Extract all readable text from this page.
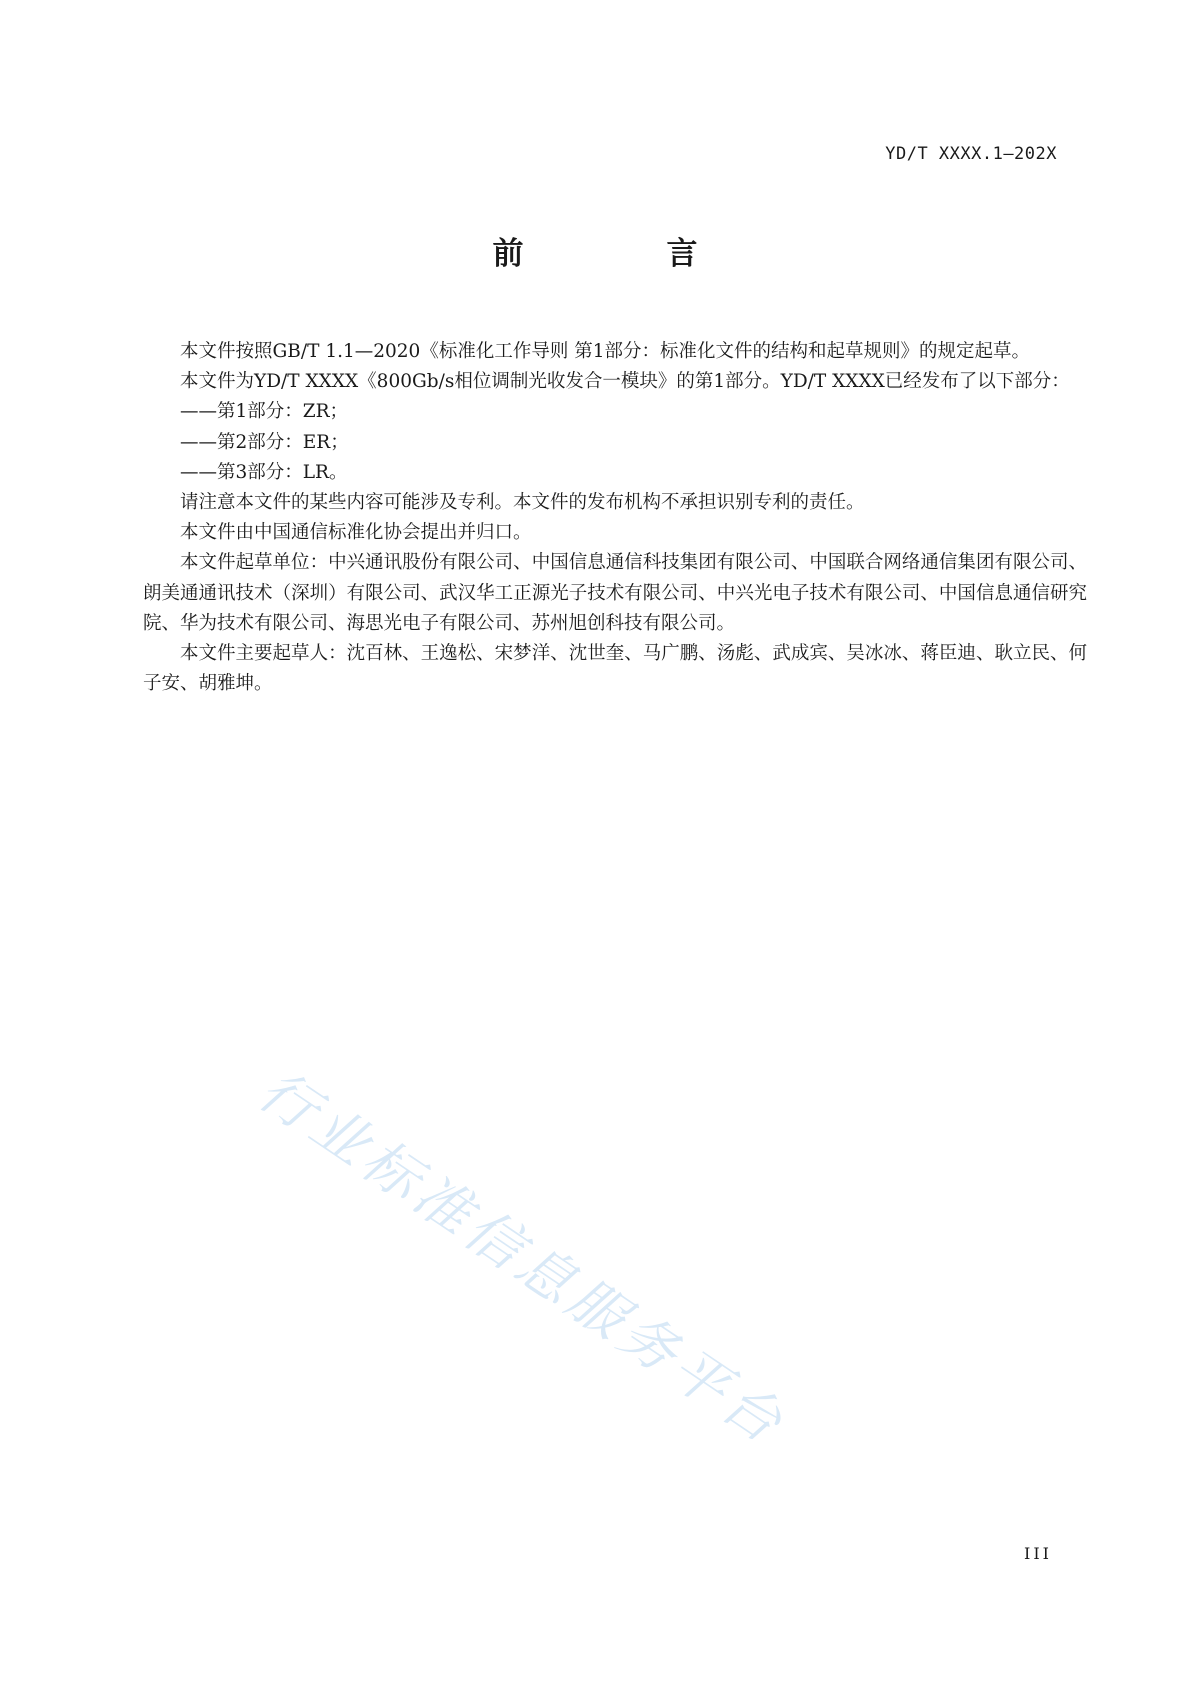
YD/T XXXX.1—202X
前　言

本文件按照GB/T 1.1—2020《标准化工作导则 第1部分：标准化文件的结构和起草规则》的规定起草。

本文件为YD/T XXXX《800Gb/s相位调制光收发合一模块》的第1部分。YD/T XXXX已经发布了以下部分：

——第1部分：ZR；

——第2部分：ER；

——第3部分：LR。

请注意本文件的某些内容可能涉及专利。本文件的发布机构不承担识别专利的责任。

本文件由中国通信标准化协会提出并归口。

本文件起草单位：中兴通讯股份有限公司、中国信息通信科技集团有限公司、中国联合网络通信集团有限公司、朗美通通讯技术（深圳）有限公司、武汉华工正源光子技术有限公司、中兴光电子技术有限公司、中国信息通信研究院、华为技术有限公司、海思光电子有限公司、苏州旭创科技有限公司。

本文件主要起草人：沈百林、王逸松、宋梦洋、沈世奎、马广鹏、汤彪、武成宾、吴冰冰、蒋臣迪、耿立民、何子安、胡雅坤。

行业标准信息服务平台
III
